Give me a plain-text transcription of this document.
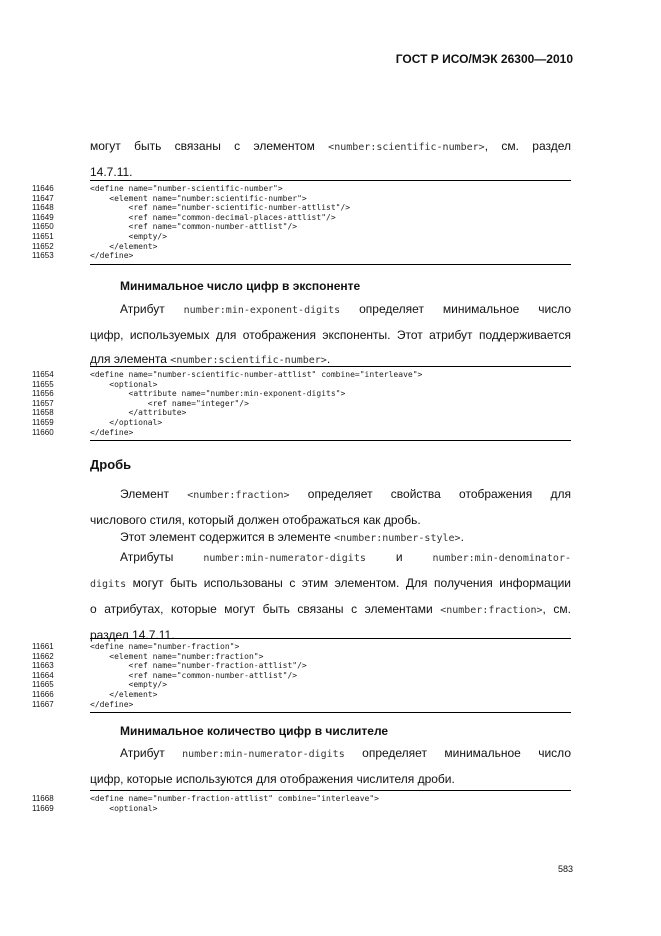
ГОСТ Р ИСО/МЭК 26300—2010
могут быть связаны с элементом <number:scientific-number>, см. раздел
14.7.11.
11646	<define name="number-scientific-number">
11647	<element name="number:scientific-number">
11648	<ref name="number-scientific-number-attlist"/>
11649	<ref name="common-decimal-places-attlist"/>
11650	<ref name="common-number-attlist"/>
11651	<empty/>
11652	</element>
11653	</define>
Минимальное число цифр в экспоненте
Атрибут number:min-exponent-digits определяет минимальное число
цифр, используемых для отображения экспоненты. Этот атрибут поддерживается
для элемента <number:scientific-number>.
11654	<define name="number-scientific-number-attlist" combine="interleave">
11655	<optional>
11656	<attribute name="number:min-exponent-digits">
11657	<ref name="integer"/>
11658	</attribute>
11659	</optional>
11660	</define>
Дробь
Элемент <number:fraction> определяет свойства отображения для
числового стиля, который должен отображаться как дробь.
Этот элемент содержится в элементе <number:number-style>.
Атрибуты number:min-numerator-digits и number:min-denominator-
digits могут быть использованы с этим элементом. Для получения информации
о атрибутах, которые могут быть связаны с элементами <number:fraction>, см.
раздел 14.7.11.
11661	<define name="number-fraction">
11662	<element name="number:fraction">
11663	<ref name="number-fraction-attlist"/>
11664	<ref name="common-number-attlist"/>
11665	<empty/>
11666	</element>
11667	</define>
Минимальное количество цифр в числителе
Атрибут number:min-numerator-digits определяет минимальное число
цифр, которые используются для отображения числителя дроби.
11668	<define name="number-fraction-attlist" combine="interleave">
11669	<optional>
583
